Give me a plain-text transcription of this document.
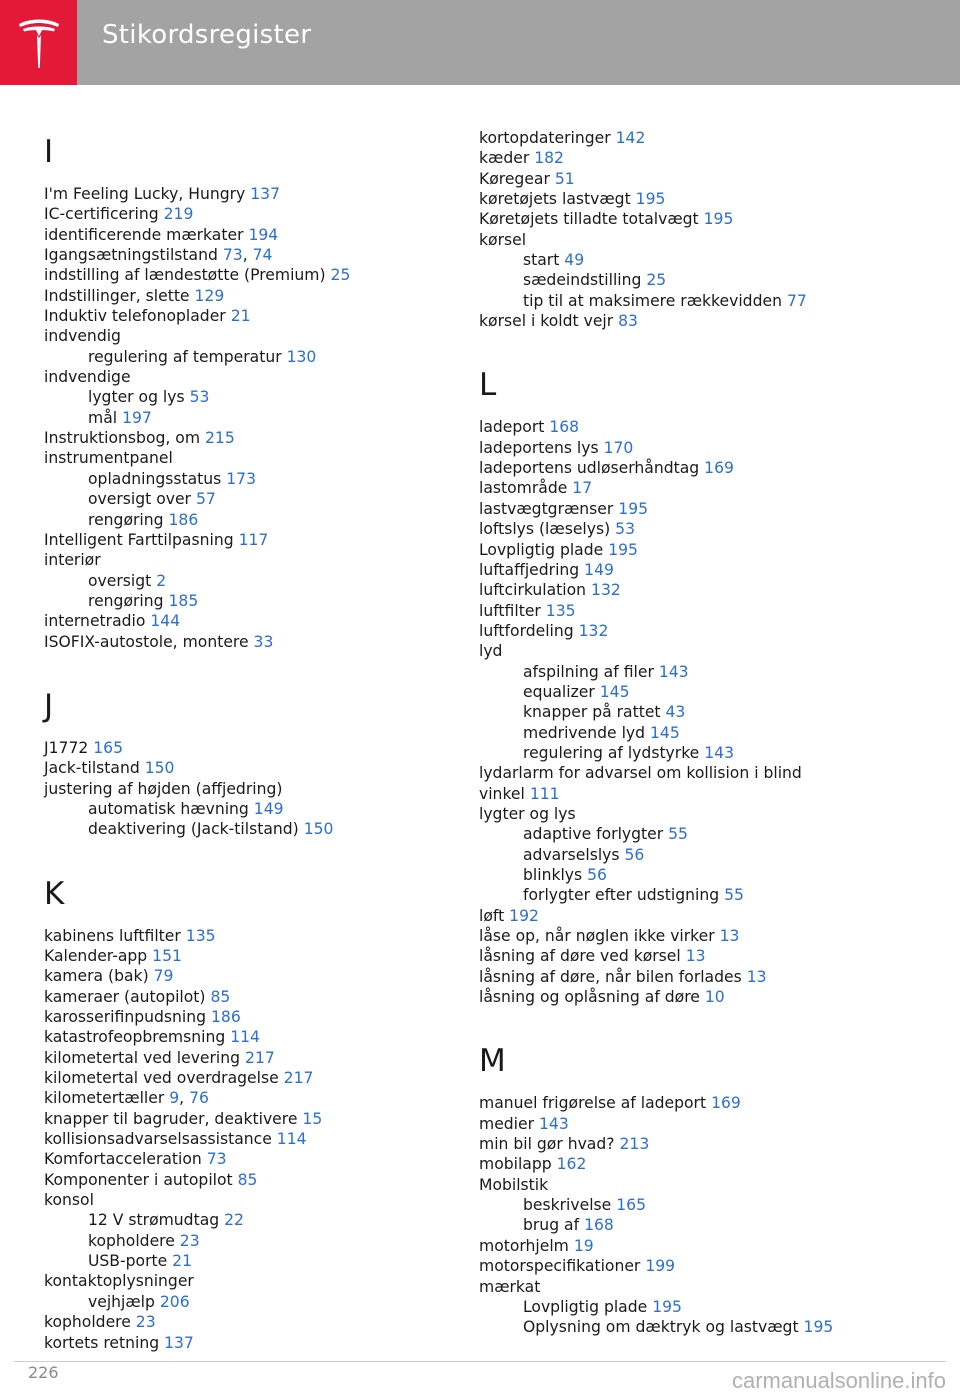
Stikordsregister
I
I'm Feeling Lucky, Hungry 137
IC-certificering 219
identificerende mærkater 194
Igangsætningstilstand 73, 74
indstilling af lændestøtte (Premium) 25
Indstillinger, slette 129
Induktiv telefonoplader 21
indvendig
regulering af temperatur 130
indvendige
lygter og lys 53
mål 197
Instruktionsbog, om 215
instrumentpanel
opladningsstatus 173
oversigt over 57
rengøring 186
Intelligent Farttilpasning 117
interiør
oversigt 2
rengøring 185
internetradio 144
ISOFIX-autostole, montere 33
J
J1772 165
Jack-tilstand 150
justering af højden (affjedring)
automatisk hævning 149
deaktivering (Jack-tilstand) 150
K
kabinens luftfilter 135
Kalender-app 151
kamera (bak) 79
kameraer (autopilot) 85
karosserifinpudsning 186
katastrofeopbremsning 114
kilometertal ved levering 217
kilometertal ved overdragelse 217
kilometertæller 9, 76
knapper til bagruder, deaktivere 15
kollisionsadvarselsassistance 114
Komfortacceleration 73
Komponenter i autopilot 85
konsol
12 V strømudtag 22
kopholdere 23
USB-porte 21
kontaktoplysninger
vejhjælp 206
kopholdere 23
kortets retning 137
kortopdateringer 142
kæder 182
Køregear 51
køretøjets lastvægt 195
Køretøjets tilladte totalvægt 195
kørsel
start 49
sædeindstilling 25
tip til at maksimere rækkevidden 77
kørsel i koldt vejr 83
L
ladeport 168
ladeportens lys 170
ladeportens udløserhåndtag 169
lastområde 17
lastvægtgrænser 195
loftslys (læselys) 53
Lovpligtig plade 195
luftaffjedring 149
luftcirkulation 132
luftfilter 135
luftfordeling 132
lyd
afspilning af filer 143
equalizer 145
knapper på rattet 43
medrivende lyd 145
regulering af lydstyrke 143
lydarlarm for advarsel om kollision i blind
vinkel 111
lygter og lys
adaptive forlygter 55
advarselslys 56
blinklys 56
forlygter efter udstigning 55
løft 192
låse op, når nøglen ikke virker 13
låsning af døre ved kørsel 13
låsning af døre, når bilen forlades 13
låsning og oplåsning af døre 10
M
manuel frigørelse af ladeport 169
medier 143
min bil gør hvad? 213
mobilapp 162
Mobilstik
beskrivelse 165
brug af 168
motorhjelm 19
motorspecifikationer 199
mærkat
Lovpligtig plade 195
Oplysning om dæktryk og lastvægt 195
226	carmanualsonline.info
